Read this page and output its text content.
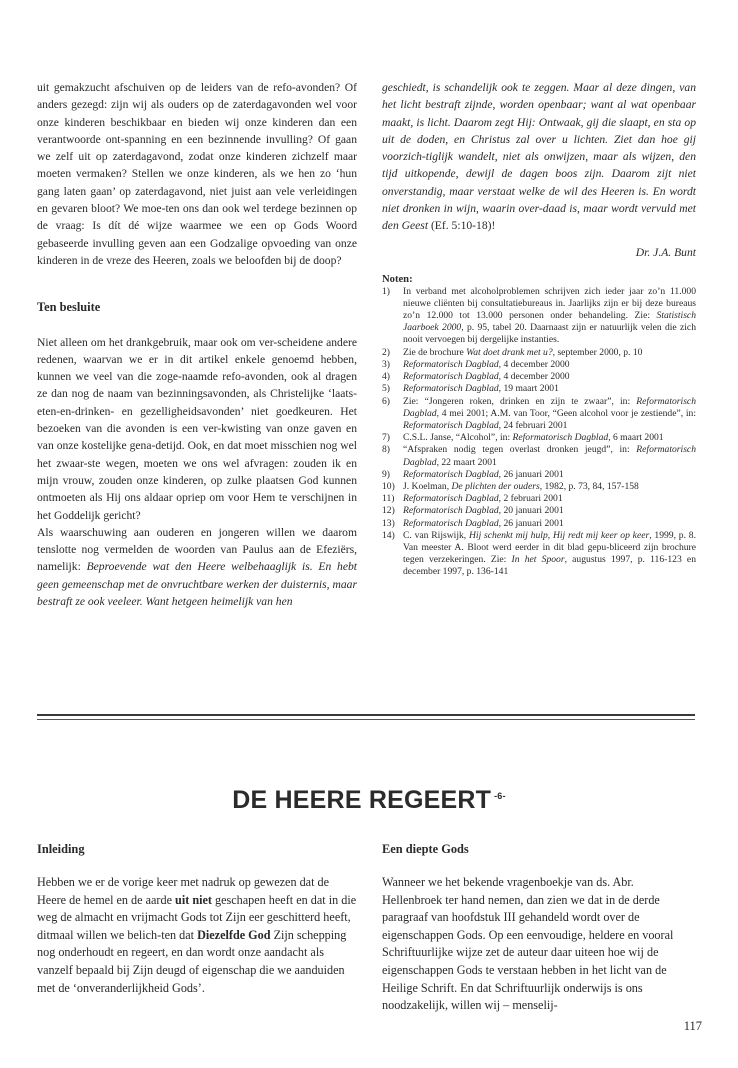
uit gemakzucht afschuiven op de leiders van de refo-avonden? Of anders gezegd: zijn wij als ouders op de zaterdagavonden wel voor onze kinderen beschikbaar en bieden wij onze kinderen dan een verantwoorde ont-spanning en een bezinnende invulling? Of gaan we zelf uit op zaterdagavond, zodat onze kinderen zichzelf maar moeten vermaken? Stellen we onze kinderen, als we hen zo ‘hun gang laten gaan’ op zaterdagavond, niet juist aan vele verleidingen en gevaren bloot? We moe-ten ons dan ook wel terdege bezinnen op de vraag: Is dít dé wijze waarmee we een op Gods Woord gebaseerde invulling geven aan een Godzalige opvoeding van onze kinderen in de vreze des Heeren, zoals we beloofden bij de doop?

Ten besluite

Niet alleen om het drankgebruik, maar ook om ver-scheidene andere redenen, waarvan we er in dit artikel enkele genoemd hebben, kunnen we veel van die zoge-naamde refo-avonden, ook al dragen ze dan nog de naam van bezinningsavonden, als Christelijke ‘laats-eten-en-drinken- en gezelligheidsavonden’ niet goedkeuren. Het bezoeken van die avonden is een ver-kwisting van onze gaven en van onze kostelijke gena-detijd. Ook, en dat moet misschien nog wel het zwaar-ste wegen, moeten we ons wel afvragen: zouden ik en mijn vrouw, zouden onze kinderen, op zulke plaatsen God kunnen ontmoeten als Hij ons aldaar opriep om voor Hem te verschijnen in het Goddelijk gericht?

Als waarschuwing aan ouderen en jongeren willen we daarom tenslotte nog vermelden de woorden van Paulus aan de Efeziërs, namelijk: Beproevende wat den Heere welbehaaglijk is. En hebt geen gemeenschap met de onvruchtbare werken der duisternis, maar bestraft ze ook veeleer. Want hetgeen heimelijk van hen

geschiedt, is schandelijk ook te zeggen. Maar al deze dingen, van het licht bestraft zijnde, worden openbaar; want al wat openbaar maakt, is licht. Daarom zegt Hij: Ontwaak, gij die slaapt, en sta op uit de doden, en Christus zal over u lichten. Ziet dan hoe gij voorzich-tiglijk wandelt, niet als onwijzen, maar als wijzen, den tijd uitkopende, dewijl de dagen boos zijn. Daarom zijt niet onverstandig, maar verstaat welke de wil des Heeren is. En wordt niet dronken in wijn, waarin over-daad is, maar wordt vervuld met den Geest (Ef. 5:10-18)!

Dr. J.A. Bunt
Noten:
1)	In verband met alcoholproblemen schrijven zich ieder jaar zo’n 11.000 nieuwe cliënten bij consultatiebureaus in. Jaarlijks zijn er bij deze bureaus zo’n 12.000 tot 13.000 personen onder behandeling. Zie: Statistisch Jaarboek 2000, p. 95, tabel 20. Daarnaast zijn er natuurlijk velen die zich nooit vervoegen bij dergelijke instanties.
2)	Zie de brochure Wat doet drank met u?, september 2000, p. 10
3)	Reformatorisch Dagblad, 4 december 2000
4)	Reformatorisch Dagblad, 4 december 2000
5)	Reformatorisch Dagblad, 19 maart 2001
6)	Zie: “Jongeren roken, drinken en zijn te zwaar”, in: Reformatorisch Dagblad, 4 mei 2001; A.M. van Toor, “Geen alcohol voor je zestiende”, in: Reformatorisch Dagblad, 24 februari 2001
7)	C.S.L. Janse, “Alcohol”, in: Reformatorisch Dagblad, 6 maart 2001
8)	“Afspraken nodig tegen overlast dronken jeugd”, in: Reformatorisch Dagblad, 22 maart 2001
9)	Reformatorisch Dagblad, 26 januari 2001
10) J. Koelman, De plichten der ouders, 1982, p. 73, 84, 157-158
11) Reformatorisch Dagblad, 2 februari 2001
12) Reformatorisch Dagblad, 20 januari 2001
13) Reformatorisch Dagblad, 26 januari 2001
14) C. van Rijswijk, Hij schenkt mij hulp, Hij redt mij keer op keer, 1999, p. 8. Van meester A. Bloot werd eerder in dit blad gepu-bliceerd zijn brochure tegen verzekeringen. Zie: In het Spoor, augustus 1997, p. 116-123 en december 1997, p. 136-141
DE HEERE REGEERT $^{-6-}$
Inleiding

Hebben we er de vorige keer met nadruk op gewezen dat de Heere de hemel en de aarde uit niet geschapen heeft en dat in die weg de almacht en vrijmacht Gods tot Zijn eer geschitterd heeft, ditmaal willen we belich-ten dat Diezelfde God Zijn schepping nog onderhoudt en regeert, en dan wordt onze aandacht als vanzelf bepaald bij Zijn deugd of eigenschap die we aanduiden met de ‘onveranderlijkheid Gods’.

Een diepte Gods

Wanneer we het bekende vragenboekje van ds. Abr. Hellenbroek ter hand nemen, dan zien we dat in de derde paragraaf van hoofdstuk III gehandeld wordt over de eigenschappen Gods. Op een eenvoudige, heldere en vooral Schriftuurlijke wijze zet de auteur daar uiteen hoe wij de eigenschappen Gods te verstaan hebben in het licht van de Heilige Schrift. En dat Schriftuurlijk onderwijs is ons noodzakelijk, willen wij – menselij-

117
